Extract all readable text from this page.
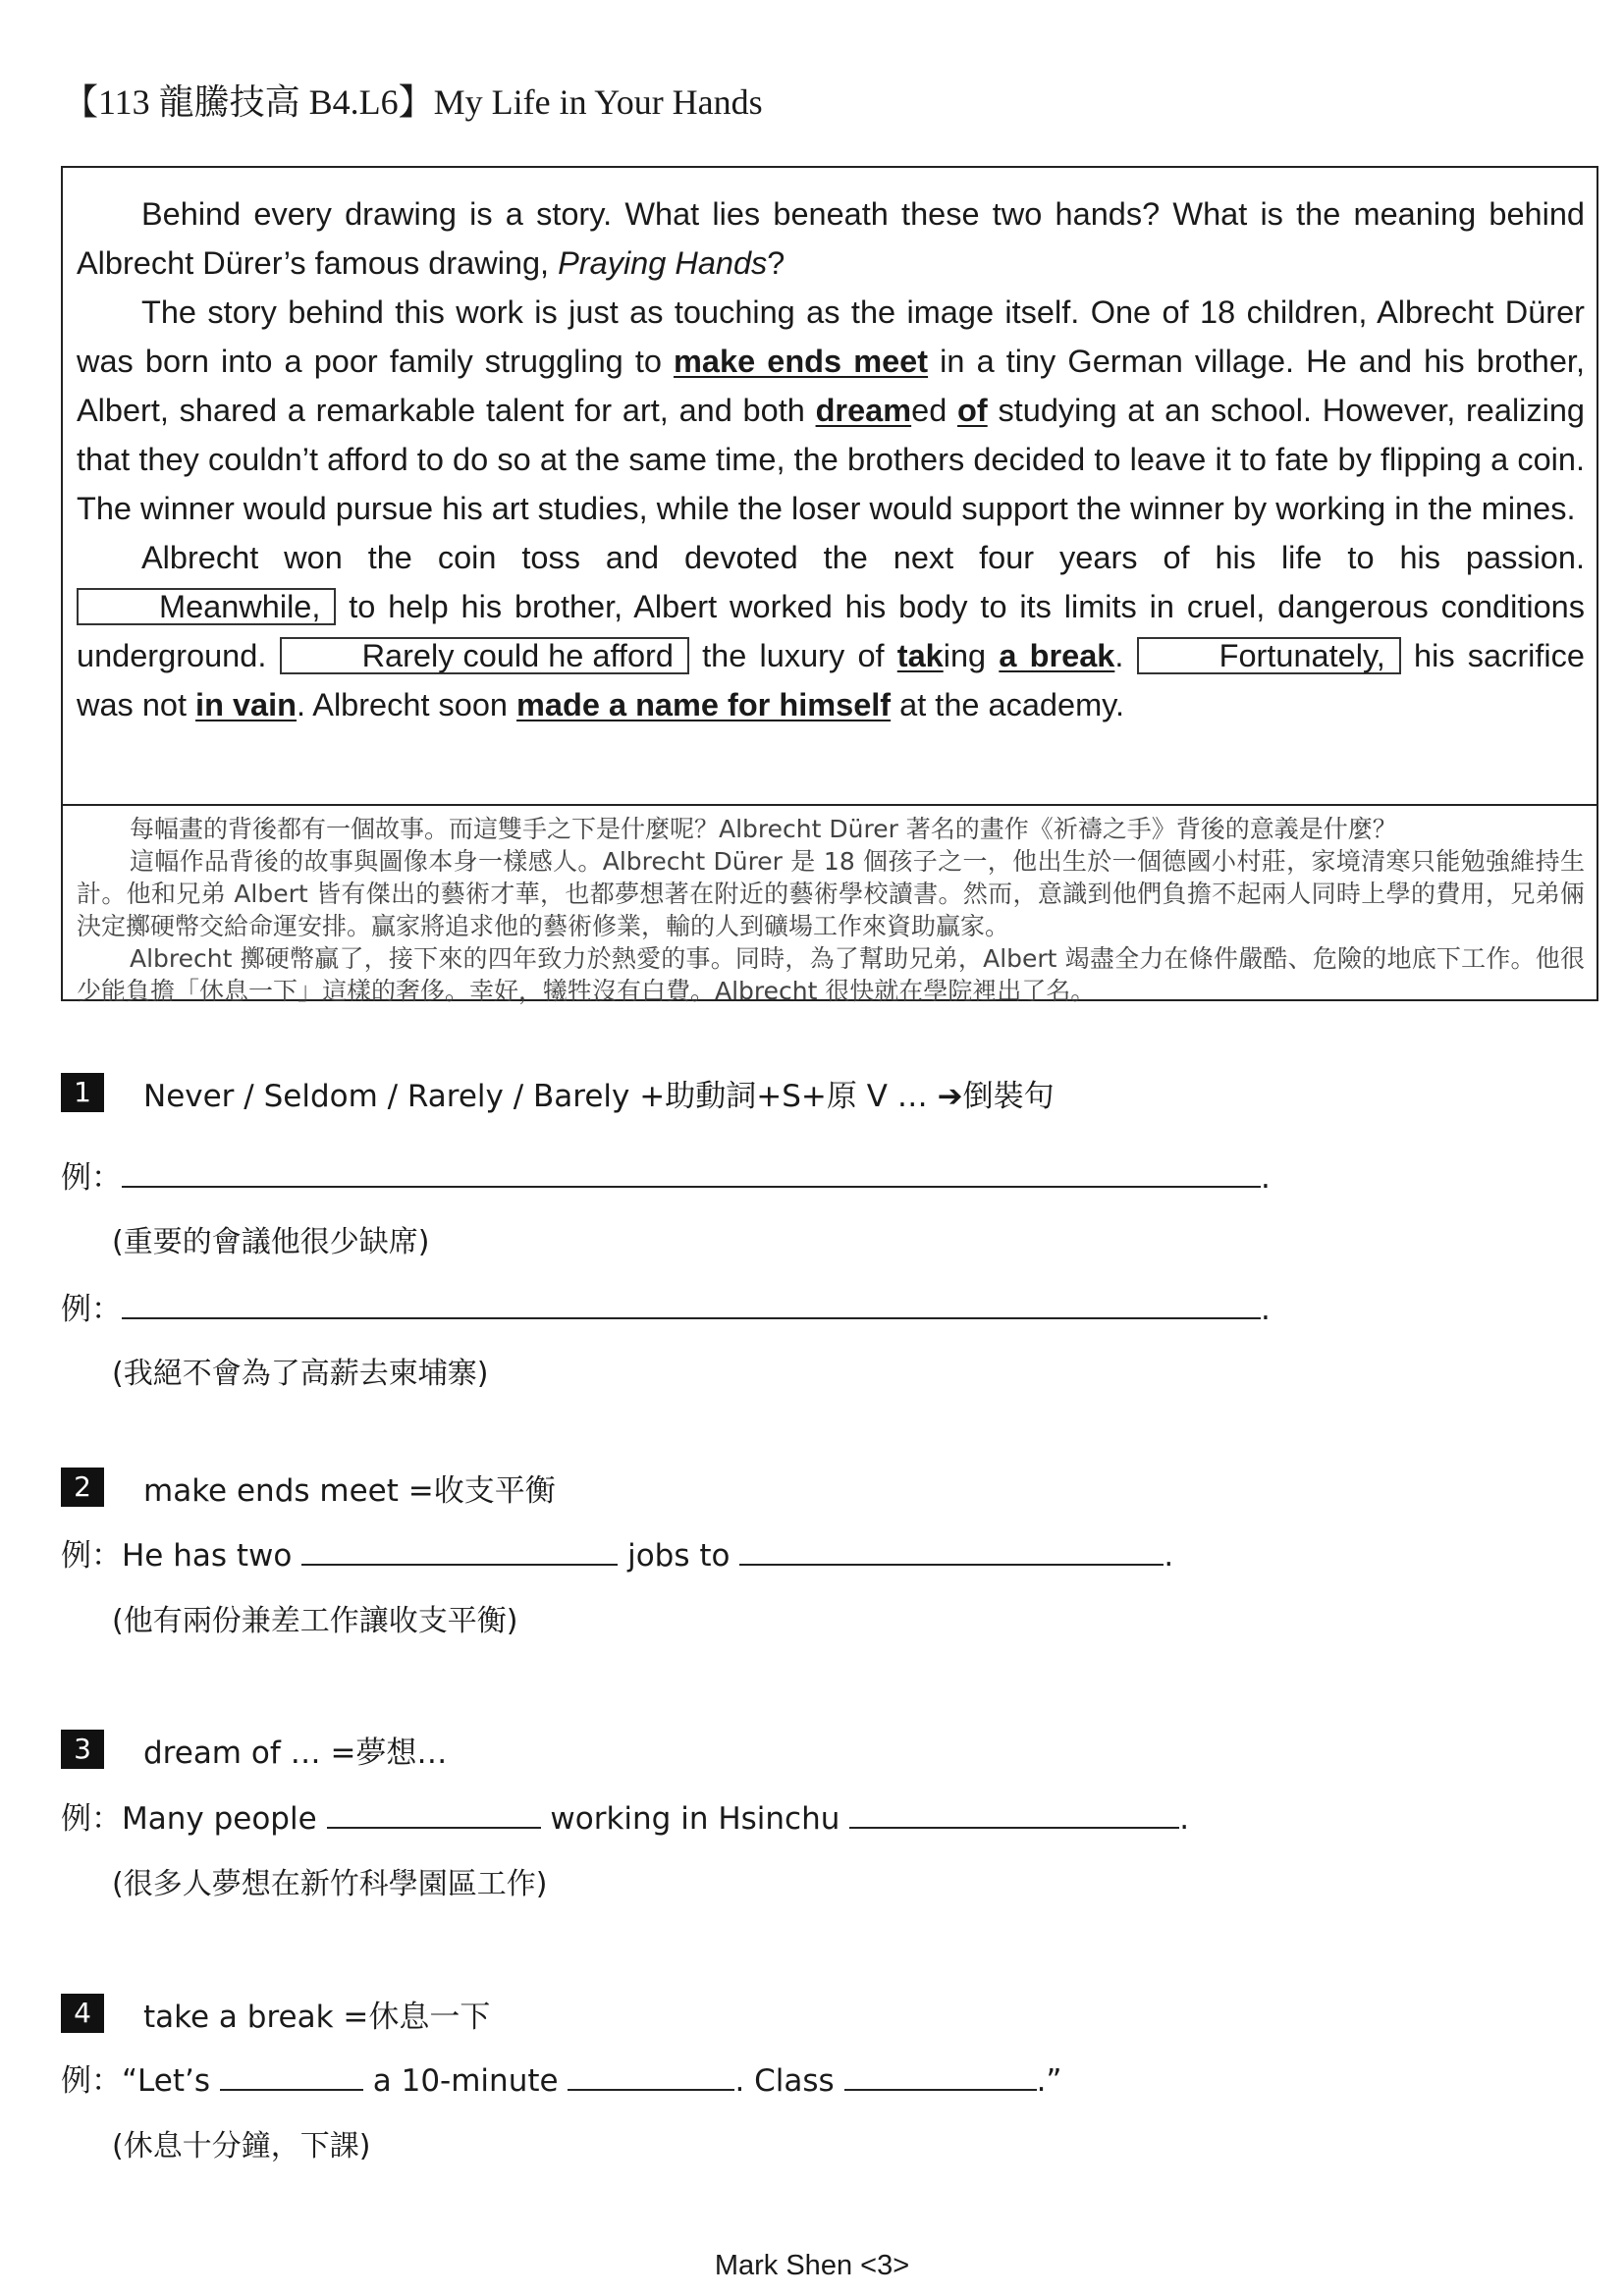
【113 龍騰技高 B4.L6】My Life in Your Hands

Behind every drawing is a story. What lies beneath these two hands? What is the meaning behind Albrecht Dürer’s famous drawing, Praying Hands?

The story behind this work is just as touching as the image itself. One of 18 children, Albrecht Dürer was born into a poor family struggling to make ends meet in a tiny German village. He and his brother, Albert, shared a remarkable talent for art, and both dreamed of studying at an school. However, realizing that they couldn’t afford to do so at the same time, the brothers decided to leave it to fate by flipping a coin. The winner would pursue his art studies, while the loser would support the winner by working in the mines.

Albrecht won the coin toss and devoted the next four years of his life to his passion. Meanwhile, to help his brother, Albert worked his body to its limits in cruel, dangerous conditions underground.	Rarely could he afford the luxury of taking a break.	Fortunately, his sacrifice was not in vain. Albrecht soon made a name for himself at the academy.

每幅畫的背後都有一個故事。而這雙手之下是什麼呢？Albrecht Dürer 著名的畫作《祈禱之手》背後的意義是什麼？

這幅作品背後的故事與圖像本身一樣感人。Albrecht Dürer 是 18 個孩子之一，他出生於一個德國小村莊，家境清寒只能勉強維持生計。他和兄弟 Albert 皆有傑出的藝術才華，也都夢想著在附近的藝術學校讀書。然而，意識到他們負擔不起兩人同時上學的費用，兄弟倆決定擲硬幣交給命運安排。贏家將追求他的藝術修業，輸的人到礦場工作來資助贏家。

Albrecht 擲硬幣贏了，接下來的四年致力於熱愛的事。同時，為了幫助兄弟，Albert 竭盡全力在條件嚴酷、危險的地底下工作。他很少能負擔「休息一下」這樣的奢侈。幸好，犧牲沒有白費。Albrecht 很快就在學院裡出了名。

1	Never / Seldom / Rarely / Barely +助動詞+S+原 V … ➔倒裝句
例：	.
(重要的會議他很少缺席)
例：	.
(我絕不會為了高薪去柬埔寨)
2	make ends meet =收支平衡
例：He has two	jobs to	.
(他有兩份兼差工作讓收支平衡)
3	dream of … =夢想…
例：Many people	working in Hsinchu	.
(很多人夢想在新竹科學園區工作)
4	take a break =休息一下
例：“Let’s	a 10-minute	. Class	.”
(休息十分鐘，下課)
Mark Shen <3>
